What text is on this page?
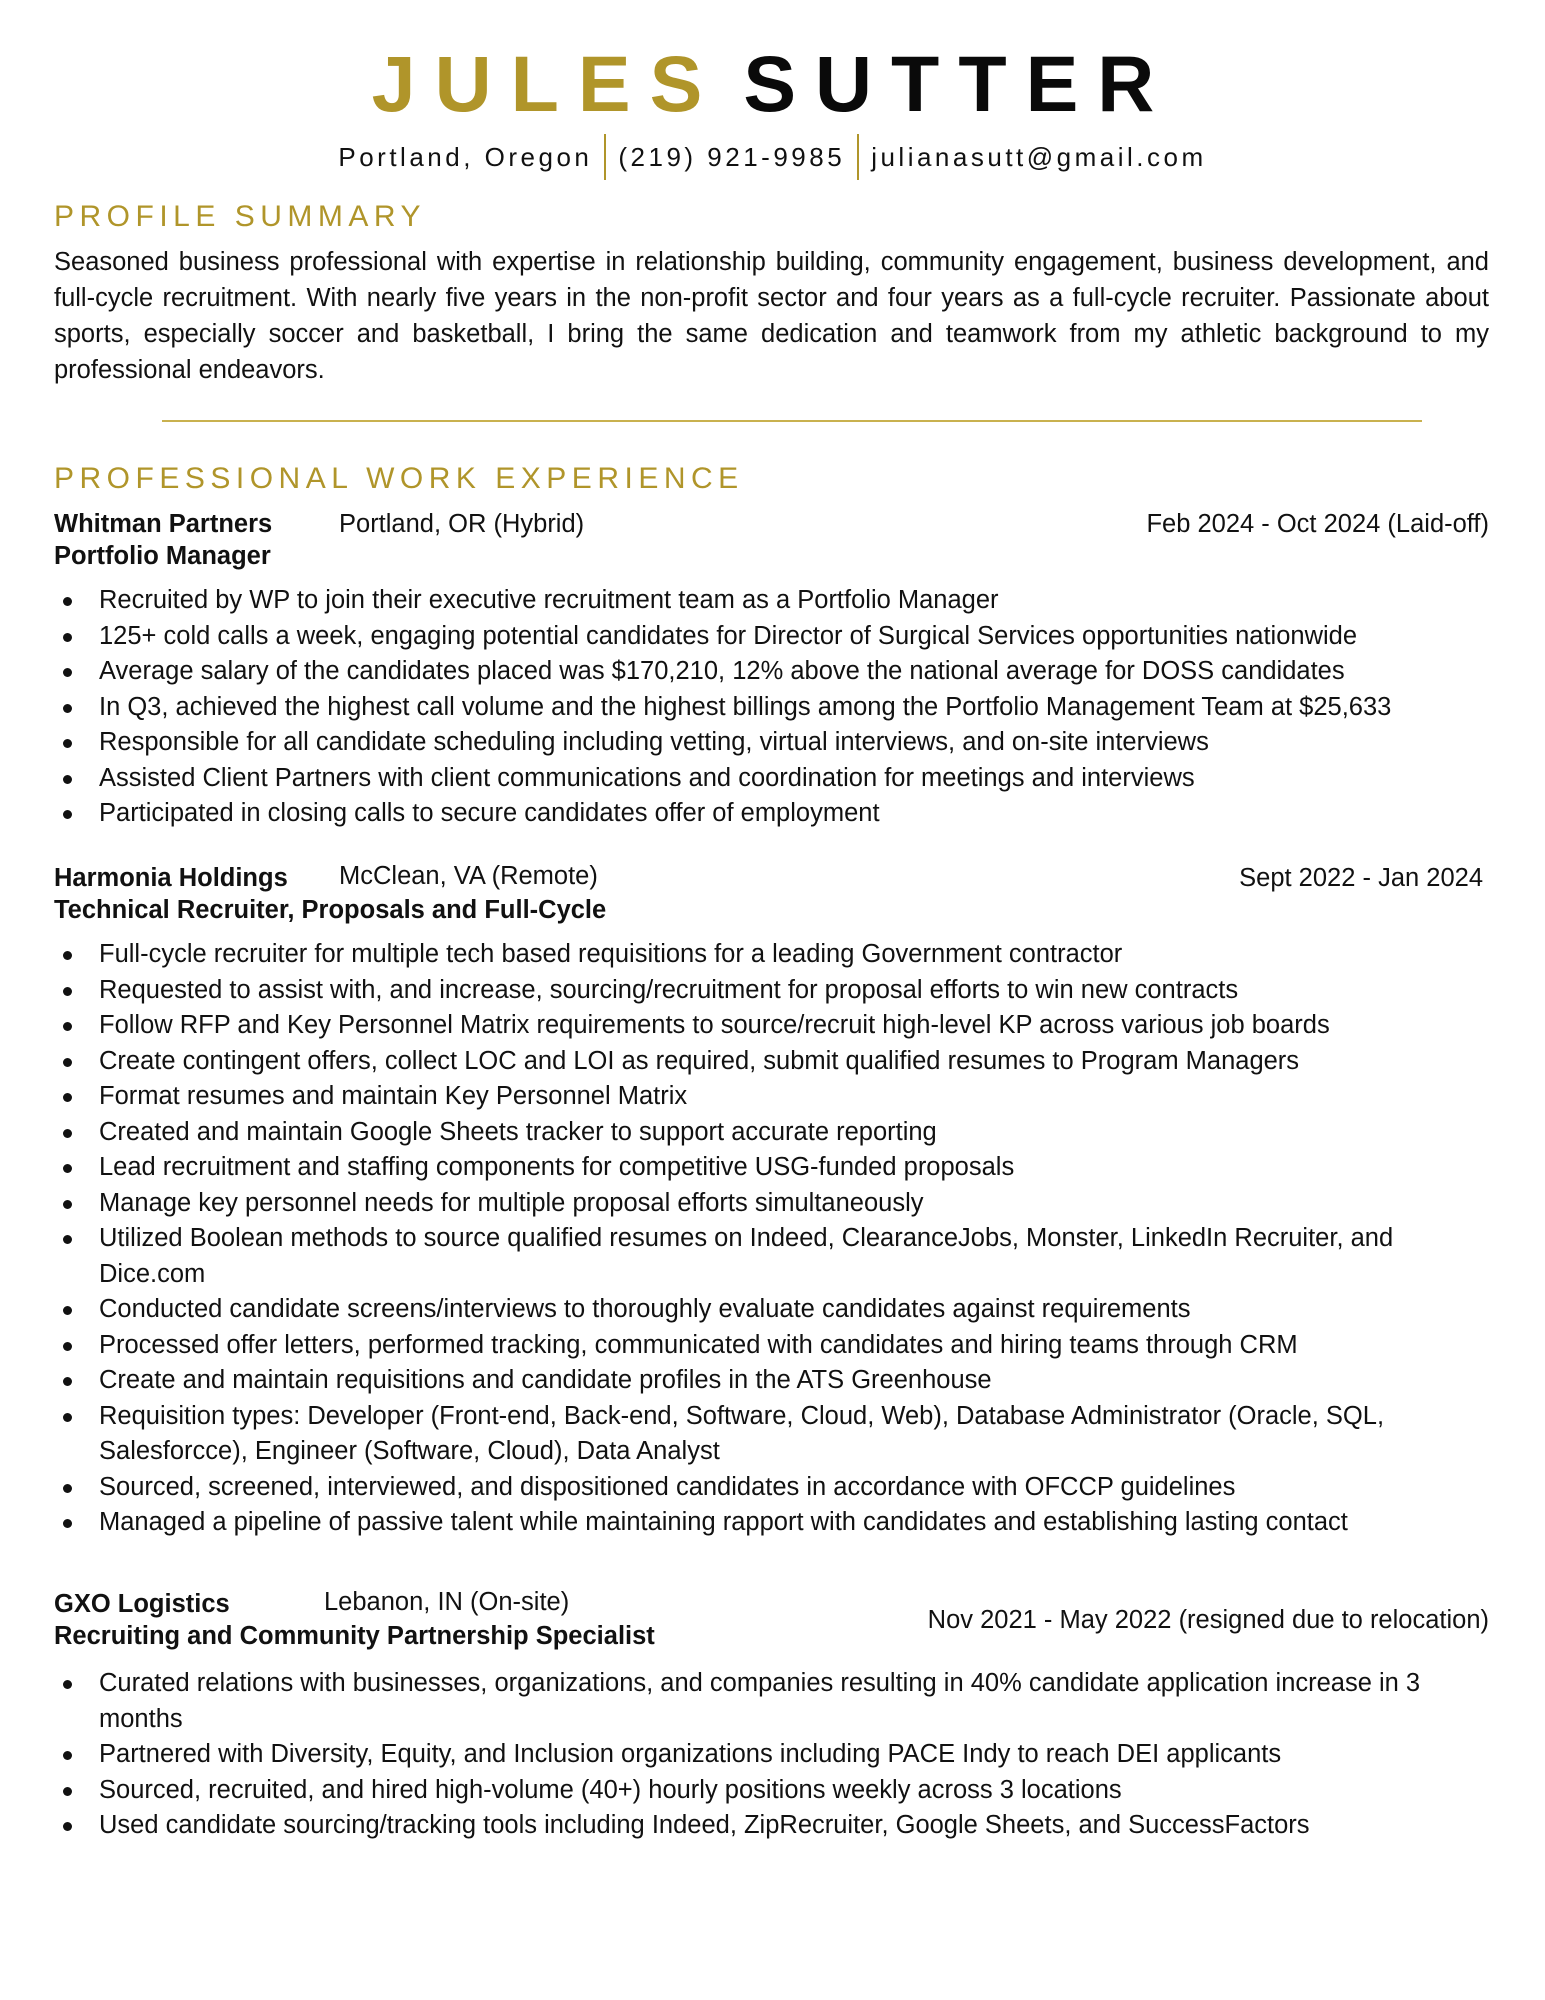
JULES SUTTER
Portland, Oregon (219) 921-9985 julianasutt@gmail.com
PROFILE SUMMARY
Seasoned business professional with expertise in relationship building, community engagement, business development, and full-cycle recruitment. With nearly five years in the non-profit sector and four years as a full-cycle recruiter. Passionate about sports, especially soccer and basketball, I bring the same dedication and teamwork from my athletic background to my professional endeavors.
PROFESSIONAL WORK EXPERIENCE
Whitman Partners	Portland, OR (Hybrid)	Feb 2024 - Oct 2024 (Laid-off)
Portfolio Manager
Recruited by WP to join their executive recruitment team as a Portfolio Manager
125+ cold calls a week, engaging potential candidates for Director of Surgical Services opportunities nationwide
Average salary of the candidates placed was $170,210, 12% above the national average for DOSS candidates
In Q3, achieved the highest call volume and the highest billings among the Portfolio Management Team at $25,633
Responsible for all candidate scheduling including vetting, virtual interviews, and on-site interviews
Assisted Client Partners with client communications and coordination for meetings and interviews
Participated in closing calls to secure candidates offer of employment
Harmonia Holdings McClean, VA (Remote)	Sept 2022 - Jan 2024
Technical Recruiter, Proposals and Full-Cycle
Full-cycle recruiter for multiple tech based requisitions for a leading Government contractor
Requested to assist with, and increase, sourcing/recruitment for proposal efforts to win new contracts
Follow RFP and Key Personnel Matrix requirements to source/recruit high-level KP across various job boards
Create contingent offers, collect LOC and LOI as required, submit qualified resumes to Program Managers
Format resumes and maintain Key Personnel Matrix
Created and maintain Google Sheets tracker to support accurate reporting
Lead recruitment and staffing components for competitive USG-funded proposals
Manage key personnel needs for multiple proposal efforts simultaneously
Utilized Boolean methods to source qualified resumes on Indeed, ClearanceJobs, Monster, LinkedIn Recruiter, and Dice.com
Conducted candidate screens/interviews to thoroughly evaluate candidates against requirements
Processed offer letters, performed tracking, communicated with candidates and hiring teams through CRM
Create and maintain requisitions and candidate profiles in the ATS Greenhouse
Requisition types: Developer (Front-end, Back-end, Software, Cloud, Web), Database Administrator (Oracle, SQL, Salesforcce), Engineer (Software, Cloud), Data Analyst
Sourced, screened, interviewed, and dispositioned candidates in accordance with OFCCP guidelines
Managed a pipeline of passive talent while maintaining rapport with candidates and establishing lasting contact
GXO Logistics	Lebanon, IN (On-site)
Nov 2021 - May 2022 (resigned due to relocation)
Recruiting and Community Partnership Specialist
Curated relations with businesses, organizations, and companies resulting in 40% candidate application increase in 3 months
Partnered with Diversity, Equity, and Inclusion organizations including PACE Indy to reach DEI applicants
Sourced, recruited, and hired high-volume (40+) hourly positions weekly across 3 locations
Used candidate sourcing/tracking tools including Indeed, ZipRecruiter, Google Sheets, and SuccessFactors
